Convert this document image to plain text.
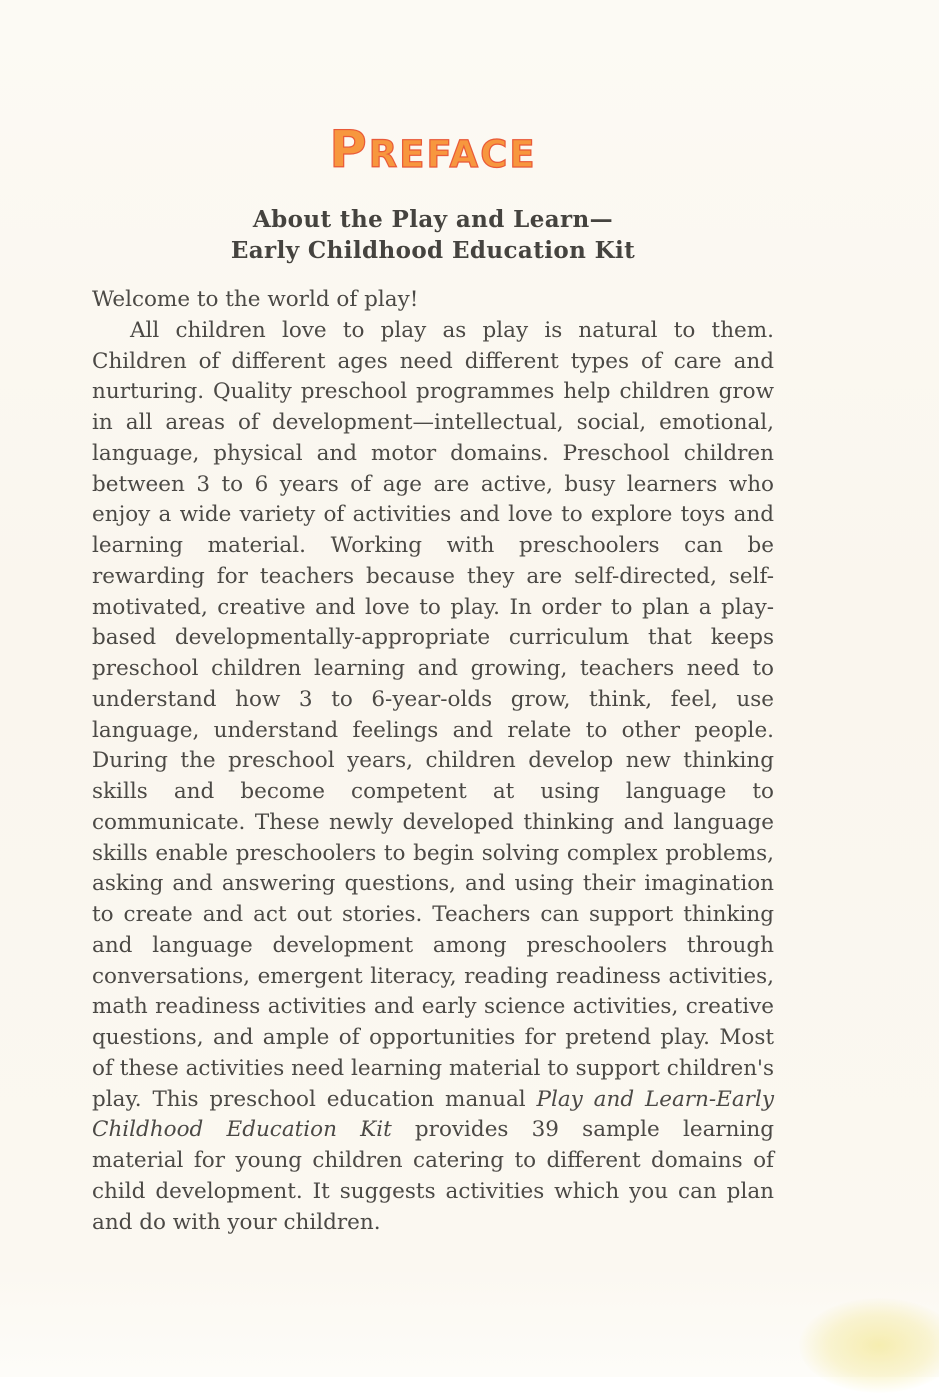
PREFACE
About the Play and Learn—
Early Childhood Education Kit

Welcome to the world of play!

All children love to play as play is natural to them. Children of different ages need different types of care and nurturing. Quality preschool programmes help children grow in all areas of development—intellectual, social, emotional, language, physical and motor domains. Preschool children between 3 to 6 years of age are active, busy learners who enjoy a wide variety of activities and love to explore toys and learning material. Working with preschoolers can be rewarding for teachers because they are self-directed, self-motivated, creative and love to play. In order to plan a play-based developmentally-appropriate curriculum that keeps preschool children learning and growing, teachers need to understand how 3 to 6-year-olds grow, think, feel, use language, understand feelings and relate to other people. During the preschool years, children develop new thinking skills and become competent at using language to communicate. These newly developed thinking and language skills enable preschoolers to begin solving complex problems, asking and answering questions, and using their imagination to create and act out stories. Teachers can support thinking and language development among preschoolers through conversations, emergent literacy, reading readiness activities, math readiness activities and early science activities, creative questions, and ample of opportunities for pretend play. Most of these activities need learning material to support children's play. This preschool education manual Play and Learn-Early Childhood Education Kit provides 39 sample learning material for young children catering to different domains of child development. It suggests activities which you can plan and do with your children.
